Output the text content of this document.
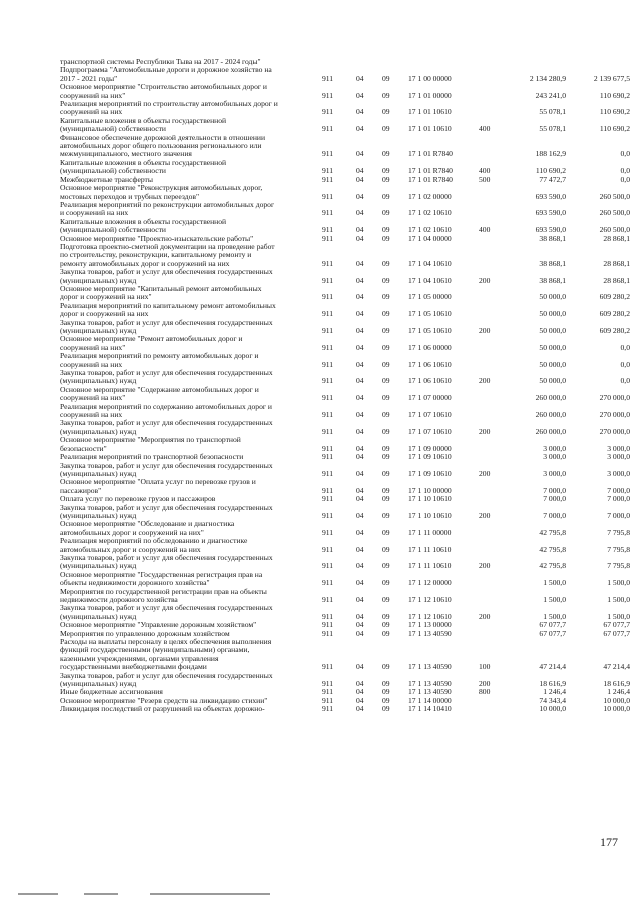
транспортной системы Республики Тыва на 2017 - 2024 годы"
Подпрограмма "Автомобильные дороги и дорожное хозяйство на
2017 - 2021 годы"	911	04 09 17 1 00 00000	2 134 280,9	2 139 677,5
Основное мероприятие "Строительство автомобильных дорог и
сооружений на них"	911	04 09 17 1 01 00000	243 241,0	110 690,2
Реализация мероприятий по строительству автомобильных дорог и
сооружений на них	911	04 09 17 1 01 10610	55 078,1	110 690,2
Капитальные вложения в объекты государственной
(муниципальной) собственности	911	04 09 17 1 01 10610	400	55 078,1	110 690,2
Финансовое обеспечение дорожной деятельности в отношении
автомобильных дорог общего пользования регионального или
межмуниципального, местного значения	911	04 09 17 1 01 R7840	188 162,9	0,0
Капитальные вложения в объекты государственной
(муниципальной) собственности	911	04 09 17 1 01 R7840	400	110 690,2	0,0
Межбюджетные трансферты	911	04 09 17 1 01 R7840	500	77 472,7	0,0
Основное мероприятие "Реконструкция автомобильных дорог,
мостовых переходов и трубных переездов"	911	04 09 17 1 02 00000	693 590,0	260 500,0
Реализация мероприятий по реконструкции автомобильных дорог
и сооружений на них	911	04 09 17 1 02 10610	693 590,0	260 500,0
Капитальные вложения в объекты государственной
(муниципальной) собственности	911	04 09 17 1 02 10610	400	693 590,0	260 500,0
Основное мероприятие "Проектно-изыскательские работы"	911	04 09 17 1 04 00000	38 868,1	28 868,1
Подготовка проектно-сметной документации на проведение работ
по строительству, реконструкции, капитальному ремонту и
ремонту автомобильных дорог и сооружений на них	911	04 09 17 1 04 10610	38 868,1	28 868,1
Закупка товаров, работ и услуг для обеспечения государственных
(муниципальных) нужд	911	04 09 17 1 04 10610	200	38 868,1	28 868,1
Основное мероприятие "Капитальный ремонт автомобильных
дорог и сооружений на них"	911	04 09 17 1 05 00000	50 000,0	609 280,2
Реализация мероприятий по капитальному ремонт автомобильных
дорог и сооружений на них	911	04 09 17 1 05 10610	50 000,0	609 280,2
Закупка товаров, работ и услуг для обеспечения государственных
(муниципальных) нужд	911	04 09 17 1 05 10610	200	50 000,0	609 280,2
Основное мероприятие "Ремонт автомобильных дорог и
сооружений на них"	911	04 09 17 1 06 00000	50 000,0	0,0
Реализация мероприятий по ремонту автомобильных дорог и
сооружений на них	911	04 09 17 1 06 10610	50 000,0	0,0
Закупка товаров, работ и услуг для обеспечения государственных
(муниципальных) нужд	911	04 09 17 1 06 10610	200	50 000,0	0,0
Основное мероприятие "Содержание автомобильных дорог и
сооружений на них"	911	04 09 17 1 07 00000	260 000,0	270 000,0
Реализация мероприятий по содержанию автомобильных дорог и
сооружений на них	911	04 09 17 1 07 10610	260 000,0	270 000,0
Закупка товаров, работ и услуг для обеспечения государственных
(муниципальных) нужд	911	04 09 17 1 07 10610	200	260 000,0	270 000,0
Основное мероприятие "Мероприятия по транспортной
безопасности"	911	04 09 17 1 09 00000	3 000,0	3 000,0
Реализация мероприятий по транспортной безопасности	911	04 09 17 1 09 10610	3 000,0	3 000,0
Закупка товаров, работ и услуг для обеспечения государственных
(муниципальных) нужд	911	04 09 17 1 09 10610	200	3 000,0	3 000,0
Основное мероприятие "Оплата услуг по перевозке грузов и
пассажиров"	911	04 09 17 1 10 00000	7 000,0	7 000,0
Оплата услуг по перевозке грузов и пассажиров	911	04 09 17 1 10 10610	7 000,0	7 000,0
Закупка товаров, работ и услуг для обеспечения государственных
(муниципальных) нужд	911	04 09 17 1 10 10610	200	7 000,0	7 000,0
Основное мероприятие "Обследование и диагностика
автомобильных дорог и сооружений на них"	911	04 09 17 1 11 00000	42 795,8	7 795,8
Реализация мероприятий по обследованию и диагностике
автомобильных дорог и сооружений на них	911	04 09 17 1 11 10610	42 795,8	7 795,8
Закупка товаров, работ и услуг для обеспечения государственных
(муниципальных) нужд	911	04 09 17 1 11 10610	200	42 795,8	7 795,8
Основное мероприятие "Государственная регистрация прав на
объекты недвижимости дорожного хозяйства"	911	04 09 17 1 12 00000	1 500,0	1 500,0
Мероприятия по государственной регистрации прав на объекты
недвижимости дорожного хозяйства	911	04 09 17 1 12 10610	1 500,0	1 500,0
Закупка товаров, работ и услуг для обеспечения государственных
(муниципальных) нужд	911	04 09 17 1 12 10610	200	1 500,0	1 500,0
Основное мероприятие "Управление дорожным хозяйством"	911	04 09 17 1 13 00000	67 077,7	67 077,7
Мероприятия по управлению дорожным хозяйством	911	04 09 17 1 13 40590	67 077,7	67 077,7
Расходы на выплаты персоналу в целях обеспечения выполнения
функций государственными (муниципальными) органами,
казенными учреждениями, органами управления
государственными внебюджетными фондами	911	04 09 17 1 13 40590	100	47 214,4	47 214,4
Закупка товаров, работ и услуг для обеспечения государственных
(муниципальных) нужд	911	04 09 17 1 13 40590	200	18 616,9	18 616,9
Иные бюджетные ассигнования	911	04 09 17 1 13 40590	800	1 246,4	1 246,4
Основное мероприятие "Резерв средств на ликвидацию стихии"	911	04 09 17 1 14 00000	74 343,4	10 000,0
Ликвидация последствий от разрушений на объектах дорожно-	911	04 09 17 1 14 10410	10 000,0	10 000,0
177
